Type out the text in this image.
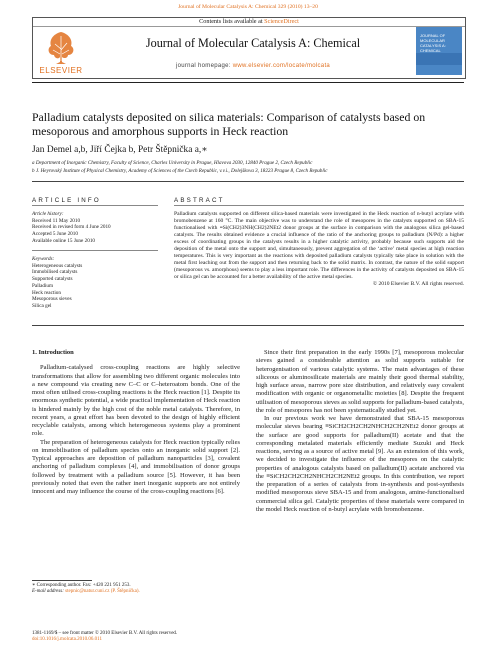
Journal of Molecular Catalysis A: Chemical 329 (2010) 13–20
Contents lists available at ScienceDirect
ELSEVIER
Journal of Molecular Catalysis A: Chemical
journal homepage: www.elsevier.com/locate/molcata
JOURNAL OF MOLECULAR CATALYSIS A: CHEMICAL
Palladium catalysts deposited on silica materials: Comparison of catalysts based on mesoporous and amorphous supports in Heck reaction
Jan Demel a,b, Jiří Čejka b, Petr Štěpnička a,∗
a Department of Inorganic Chemistry, Faculty of Science, Charles University in Prague, Hlavova 2030, 12840 Prague 2, Czech Republic
b J. Heyrovský Institute of Physical Chemistry, Academy of Sciences of the Czech Republic, v.v.i., Dolejškova 3, 18223 Prague 8, Czech Republic
ARTICLE INFO	ABSTRACT
Article history:
Received 11 May 2010
Received in revised form 4 June 2010
Accepted 5 June 2010
Available online 15 June 2010
Keywords:
Heterogeneous catalysts
Immobilised catalysts
Supported catalysts
Palladium
Heck reaction
Mesoporous sieves
Silica gel

Palladium catalysts supported on different silica-based materials were investigated in the Heck reaction of n-butyl acrylate with bromobenzene at 160 °C. The main objective was to understand the role of mesopores in the catalysts supported on SBA-15 functionalised with ≡Si(CH2)3NH(CH2)2NEt2 donor groups at the surface in comparison with the analogous silica gel-based catalysts. The results obtained evidence a crucial influence of the ratio of the anchoring groups to palladium (N/Pd): a higher excess of coordinating groups in the catalysts results in a higher catalytic activity, probably because such supports aid the deposition of the metal onto the support and, simultaneously, prevent aggregation of the ‘active’ metal species at high reaction temperatures. This is very important as the reactions with deposited palladium catalysts typically take place in solution with the metal first leaching out from the support and then returning back to the solid matrix. In contrast, the nature of the solid support (mesoporous vs. amorphous) seems to play a less important role. The differences in the activity of catalysts deposited on SBA-15 or silica gel can be accounted for a better availability of the active metal species.

© 2010 Elsevier B.V. All rights reserved.

1. Introduction

Palladium-catalysed cross-coupling reactions are highly selective transformations that allow for assembling two different organic molecules into a new compound via creating new C–C or C–heteroatom bonds. One of the most often utilised cross-coupling reactions is the Heck reaction [1]. Despite its enormous synthetic potential, a wide practical implementation of Heck reaction is hindered mainly by the high cost of the noble metal catalysts. Therefore, in recent years, a great effort has been devoted to the design of highly efficient recyclable catalysts, among which heterogeneous systems play a prominent role.

The preparation of heterogeneous catalysts for Heck reaction typically relies on immobilisation of palladium species onto an inorganic solid support [2]. Typical approaches are deposition of palladium nanoparticles [3], covalent anchoring of palladium complexes [4], and immobilisation of donor groups followed by treatment with a palladium source [5]. However, it has been previously noted that even the rather inert inorganic supports are not entirely innocent and may influence the course of the cross-coupling reactions [6].

Since their first preparation in the early 1990s [7], mesoporous molecular sieves gained a considerable attention as solid supports suitable for heterogenisation of various catalytic systems. The main advantages of these siliceous or aluminosilicate materials are mainly their good thermal stability, high surface areas, narrow pore size distribution, and relatively easy covalent modification with organic or organometallic moieties [8]. Despite the frequent utilisation of mesoporous sieves as solid supports for palladium-based catalysts, the role of mesopores has not been systematically studied yet.

In our previous work we have demonstrated that SBA-15 mesoporous molecular sieves bearing ≡SiCH2CH2CH2NHCH2CH2NEt2 donor groups at the surface are good supports for palladium(II) acetate and that the corresponding metalated materials efficiently mediate Suzuki and Heck reactions, serving as a source of active metal [9]. As an extension of this work, we decided to investigate the influence of the mesopores on the catalytic properties of analogous catalysts based on palladium(II) acetate anchored via the ≡SiCH2CH2CH2NHCH2CH2NEt2 groups. In this contribution, we report the preparation of a series of catalysts from in-synthesis and post-synthesis modified mesoporous sieve SBA-15 and from analogous, amine-functionalised commercial silica gel. Catalytic properties of these materials were compared in the model Heck reaction of n-butyl acrylate with bromobenzene.

∗ Corresponding author. Fax: +420 221 951 253.
E-mail address: stepnic@natur.cuni.cz (P. Štěpnička).
1381-1169/$ – see front matter © 2010 Elsevier B.V. All rights reserved.
doi:10.1016/j.molcata.2010.06.011
